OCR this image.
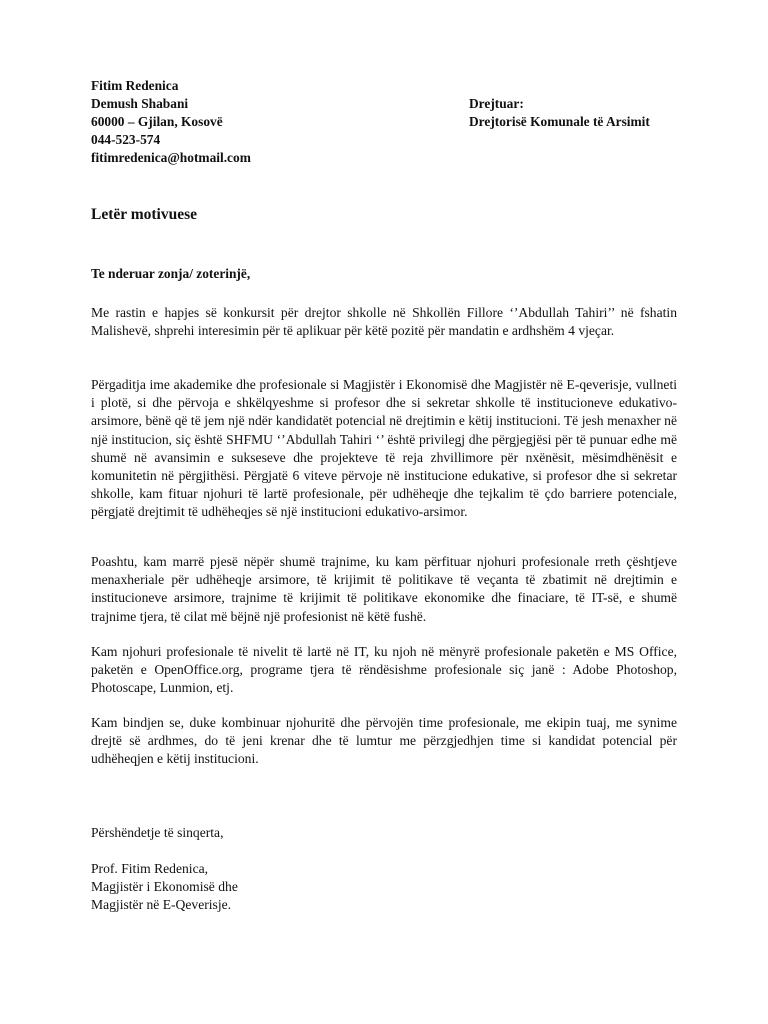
Fitim Redenica
Demush Shabani
60000 – Gjilan, Kosovë
044-523-574
fitimredenica@hotmail.com
Drejtuar:
Drejtorisë Komunale të Arsimit
Letër motivuese
Te nderuar zonja/ zoterinjë,
Me rastin e hapjes së konkursit për drejtor shkolle në Shkollën Fillore ‘’Abdullah Tahiri’’ në fshatin Malishevë, shprehi interesimin për të aplikuar për këtë pozitë për mandatin e ardhshëm 4 vjeçar.
Përgaditja ime akademike dhe profesionale si Magjistër i Ekonomisë dhe Magjistër në E-qeverisje, vullneti i plotë, si dhe përvoja e shkëlqyeshme si profesor dhe si sekretar shkolle të institucioneve edukativo-arsimore, bënë që të jem një ndër kandidatët potencial në drejtimin e këtij institucioni. Të jesh menaxher në një institucion, siç është SHFMU ‘’Abdullah Tahiri ‘’ është privilegj dhe përgjegjësi për të punuar edhe më shumë në avansimin e sukseseve dhe projekteve të reja zhvillimore për nxënësit, mësimdhënësit e komunitetin në përgjithësi. Përgjatë 6 viteve përvoje në institucione edukative, si profesor dhe si sekretar shkolle, kam fituar njohuri të lartë profesionale, për udhëheqje dhe tejkalim të çdo barriere potenciale, përgjatë drejtimit të udhëheqjes së një institucioni edukativo-arsimor.
Poashtu, kam marrë pjesë nëpër shumë trajnime, ku kam përfituar njohuri profesionale rreth çështjeve menaxheriale për udhëheqje arsimore, të krijimit të politikave të veçanta të zbatimit në drejtimin e institucioneve arsimore, trajnime të krijimit të politikave ekonomike dhe finaciare, të IT-së, e shumë trajnime tjera, të cilat më bëjnë një profesionist në këtë fushë.
Kam njohuri profesionale të nivelit të lartë në IT, ku njoh në mënyrë profesionale paketën e MS Office, paketën e OpenOffice.org, programe tjera të rëndësishme profesionale siç janë : Adobe Photoshop, Photoscape, Lunmion, etj.
Kam bindjen se, duke kombinuar njohuritë dhe përvojën time profesionale, me ekipin tuaj, me synime drejtë së ardhmes, do të jeni krenar dhe të lumtur me përzgjedhjen time si kandidat potencial për udhëheqjen e këtij institucioni.
Përshëndetje të sinqerta,
Prof. Fitim Redenica,
Magjistër i Ekonomisë dhe
Magjistër në E-Qeverisje.
